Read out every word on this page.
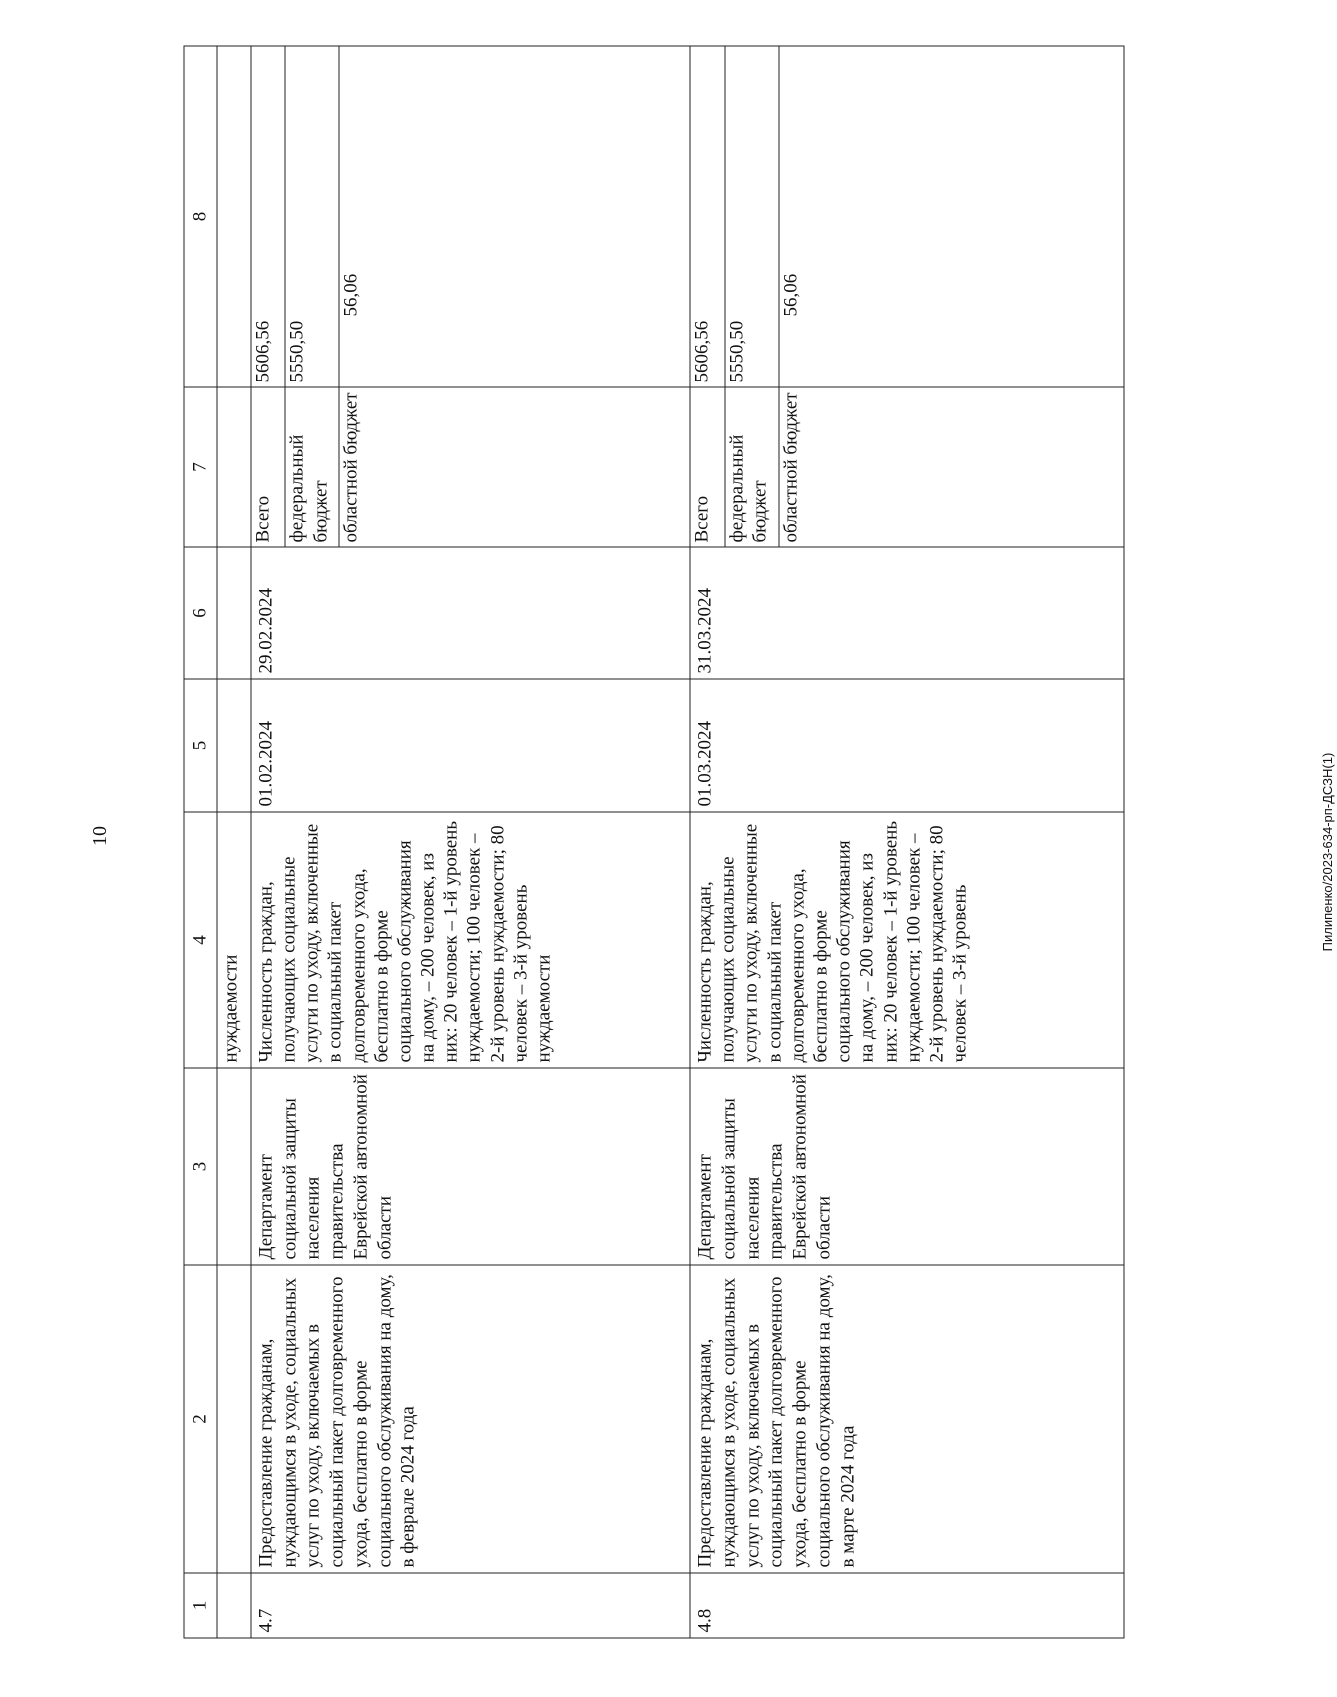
10
1	2	3	4	5	6	7	8
			нуждаемости				
4.7	Предоставление гражданам, нуждающимся в уходе, социальных услуг по уходу, включаемых в социальный пакет долговременного ухода, бесплатно в форме социального обслуживания на дому, в феврале 2024 года	Департамент социальной защиты населения правительства Еврейской автономной области	Численность граждан, получающих социальные услуги по уходу, включенные в социальный пакет долговременного ухода, бесплатно в форме социального обслуживания на дому, – 200 человек, из них: 20 человек – 1-й уровень нуждаемости; 100 человек – 2-й уровень нуждаемости; 80 человек – 3-й уровень нуждаемости	01.02.2024	29.02.2024	Всего	5606,56
						федеральный бюджет	5550,50
						областной бюджет	56,06
4.8	Предоставление гражданам, нуждающимся в уходе, социальных услуг по уходу, включаемых в социальный пакет долговременного ухода, бесплатно в форме социального обслуживания на дому, в марте 2024 года	Департамент социальной защиты населения правительства Еврейской автономной области	Численность граждан, получающих социальные услуги по уходу, включенные в социальный пакет долговременного ухода, бесплатно в форме социального обслуживания на дому, – 200 человек, из них: 20 человек – 1-й уровень нуждаемости; 100 человек – 2-й уровень нуждаемости; 80 человек – 3-й уровень	01.03.2024	31.03.2024	Всего	5606,56
						федеральный бюджет	5550,50
						областной бюджет	56,06
Пилипенко/2023-634-рп-ДСЗН(1)
